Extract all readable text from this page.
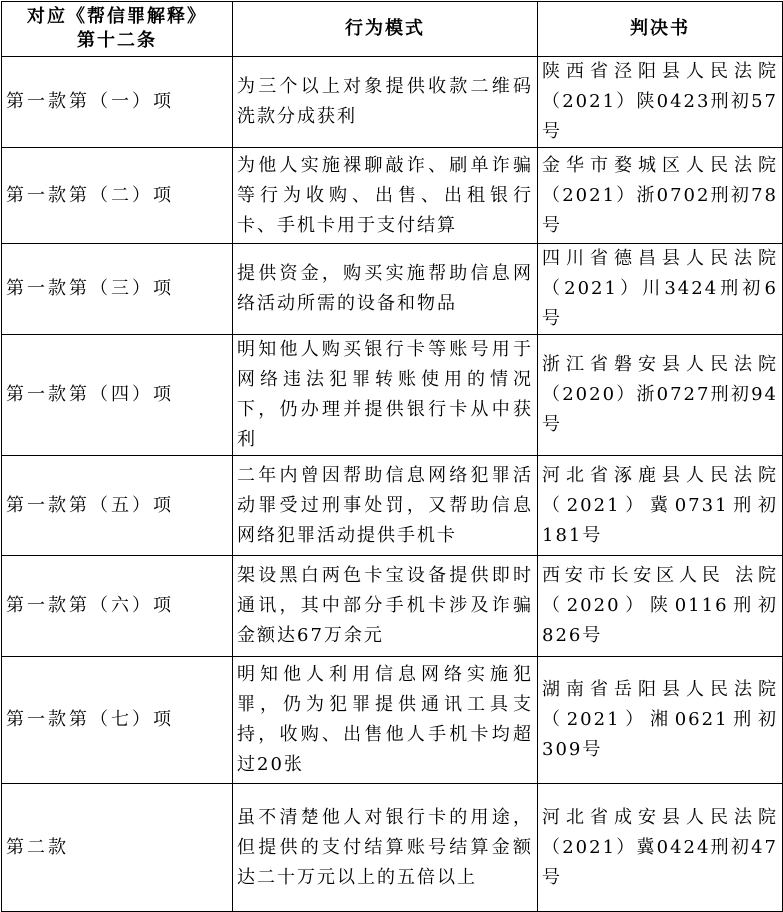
对应《帮信罪解释》
第十二条	行为模式	判决书
第一款第（一）项	为三个以上对象提供收款二维码洗款分成获利	陕西省泾阳县人民法院（2021）陕0423刑初57号
第一款第（二）项	为他人实施裸聊敲诈、刷单诈骗等行为收购、出售、出租银行卡、手机卡用于支付结算	金华市婺城区人民法院（2021）浙0702刑初78号
第一款第（三）项	提供资金，购买实施帮助信息网络活动所需的设备和物品	四川省德昌县人民法院（2021）川3424刑初6号
第一款第（四）项	明知他人购买银行卡等账号用于网络违法犯罪转账使用的情况下，仍办理并提供银行卡从中获利	浙江省磐安县人民法院（2020）浙0727刑初94号
第一款第（五）项	二年内曾因帮助信息网络犯罪活动罪受过刑事处罚，又帮助信息网络犯罪活动提供手机卡	河北省涿鹿县人民法院（2021）冀0731刑初181号
第一款第（六）项	架设黑白两色卡宝设备提供即时通讯，其中部分手机卡涉及诈骗金额达67万余元	西安市长安区人民 法院（2020）陕0116刑初826号
第一款第（七）项	明知他人利用信息网络实施犯罪，仍为犯罪提供通讯工具支持，收购、出售他人手机卡均超过20张	湖南省岳阳县人民法院（2021）湘0621刑初309号
第二款	虽不清楚他人对银行卡的用途，但提供的支付结算账号结算金额达二十万元以上的五倍以上	河北省成安县人民法院（2021）冀0424刑初47号
